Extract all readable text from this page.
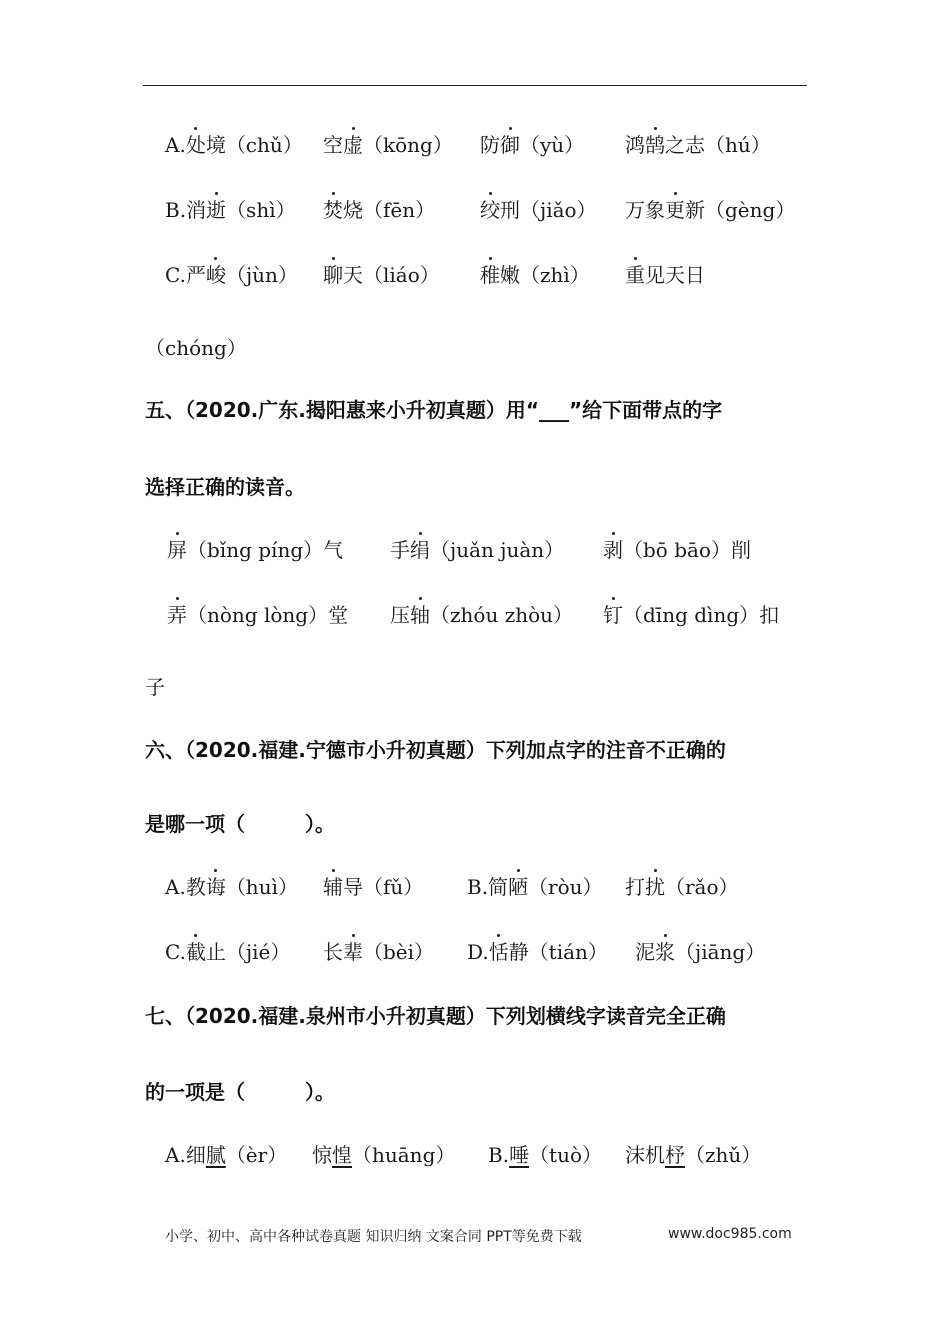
A.处境（chǔ） 空虚（kōng） 防御（yù） 鸿鹄之志（hú）
B.消逝（shì） 焚烧（fēn） 绞刑（jiǎo） 万象更新（gèng）
C.严峻（jùn） 聊天（liáo） 稚嫩（zhì） 重见天日
（chóng）
五、（2020.广东.揭阳惠来小升初真题）用“___”给下面带点的字
选择正确的读音。
屏（bǐng píng）气 手绢（juǎn juàn） 剥（bō bāo）削
弄（nòng lòng）堂 压轴（zhóu zhòu） 钉（dīng dìng）扣
子
六、（2020.福建.宁德市小升初真题）下列加点字的注音不正确的
是哪一项（　　　）。
A.教诲（huì） 辅导（fǔ） B.简陋（ròu） 打扰（rǎo）
C.截止（jié） 长辈（bèi） D.恬静（tián） 泥浆（jiāng）
七、（2020.福建.泉州市小升初真题）下列划横线字读音完全正确
的一项是（　　　）。
A.细腻（èr） 惊惶（huāng） B.唾（tuò） 沫机杼（zhǔ）
小学、初中、高中各种试卷真题 知识归纳 文案合同 PPT等免费下载	www.doc985.com
